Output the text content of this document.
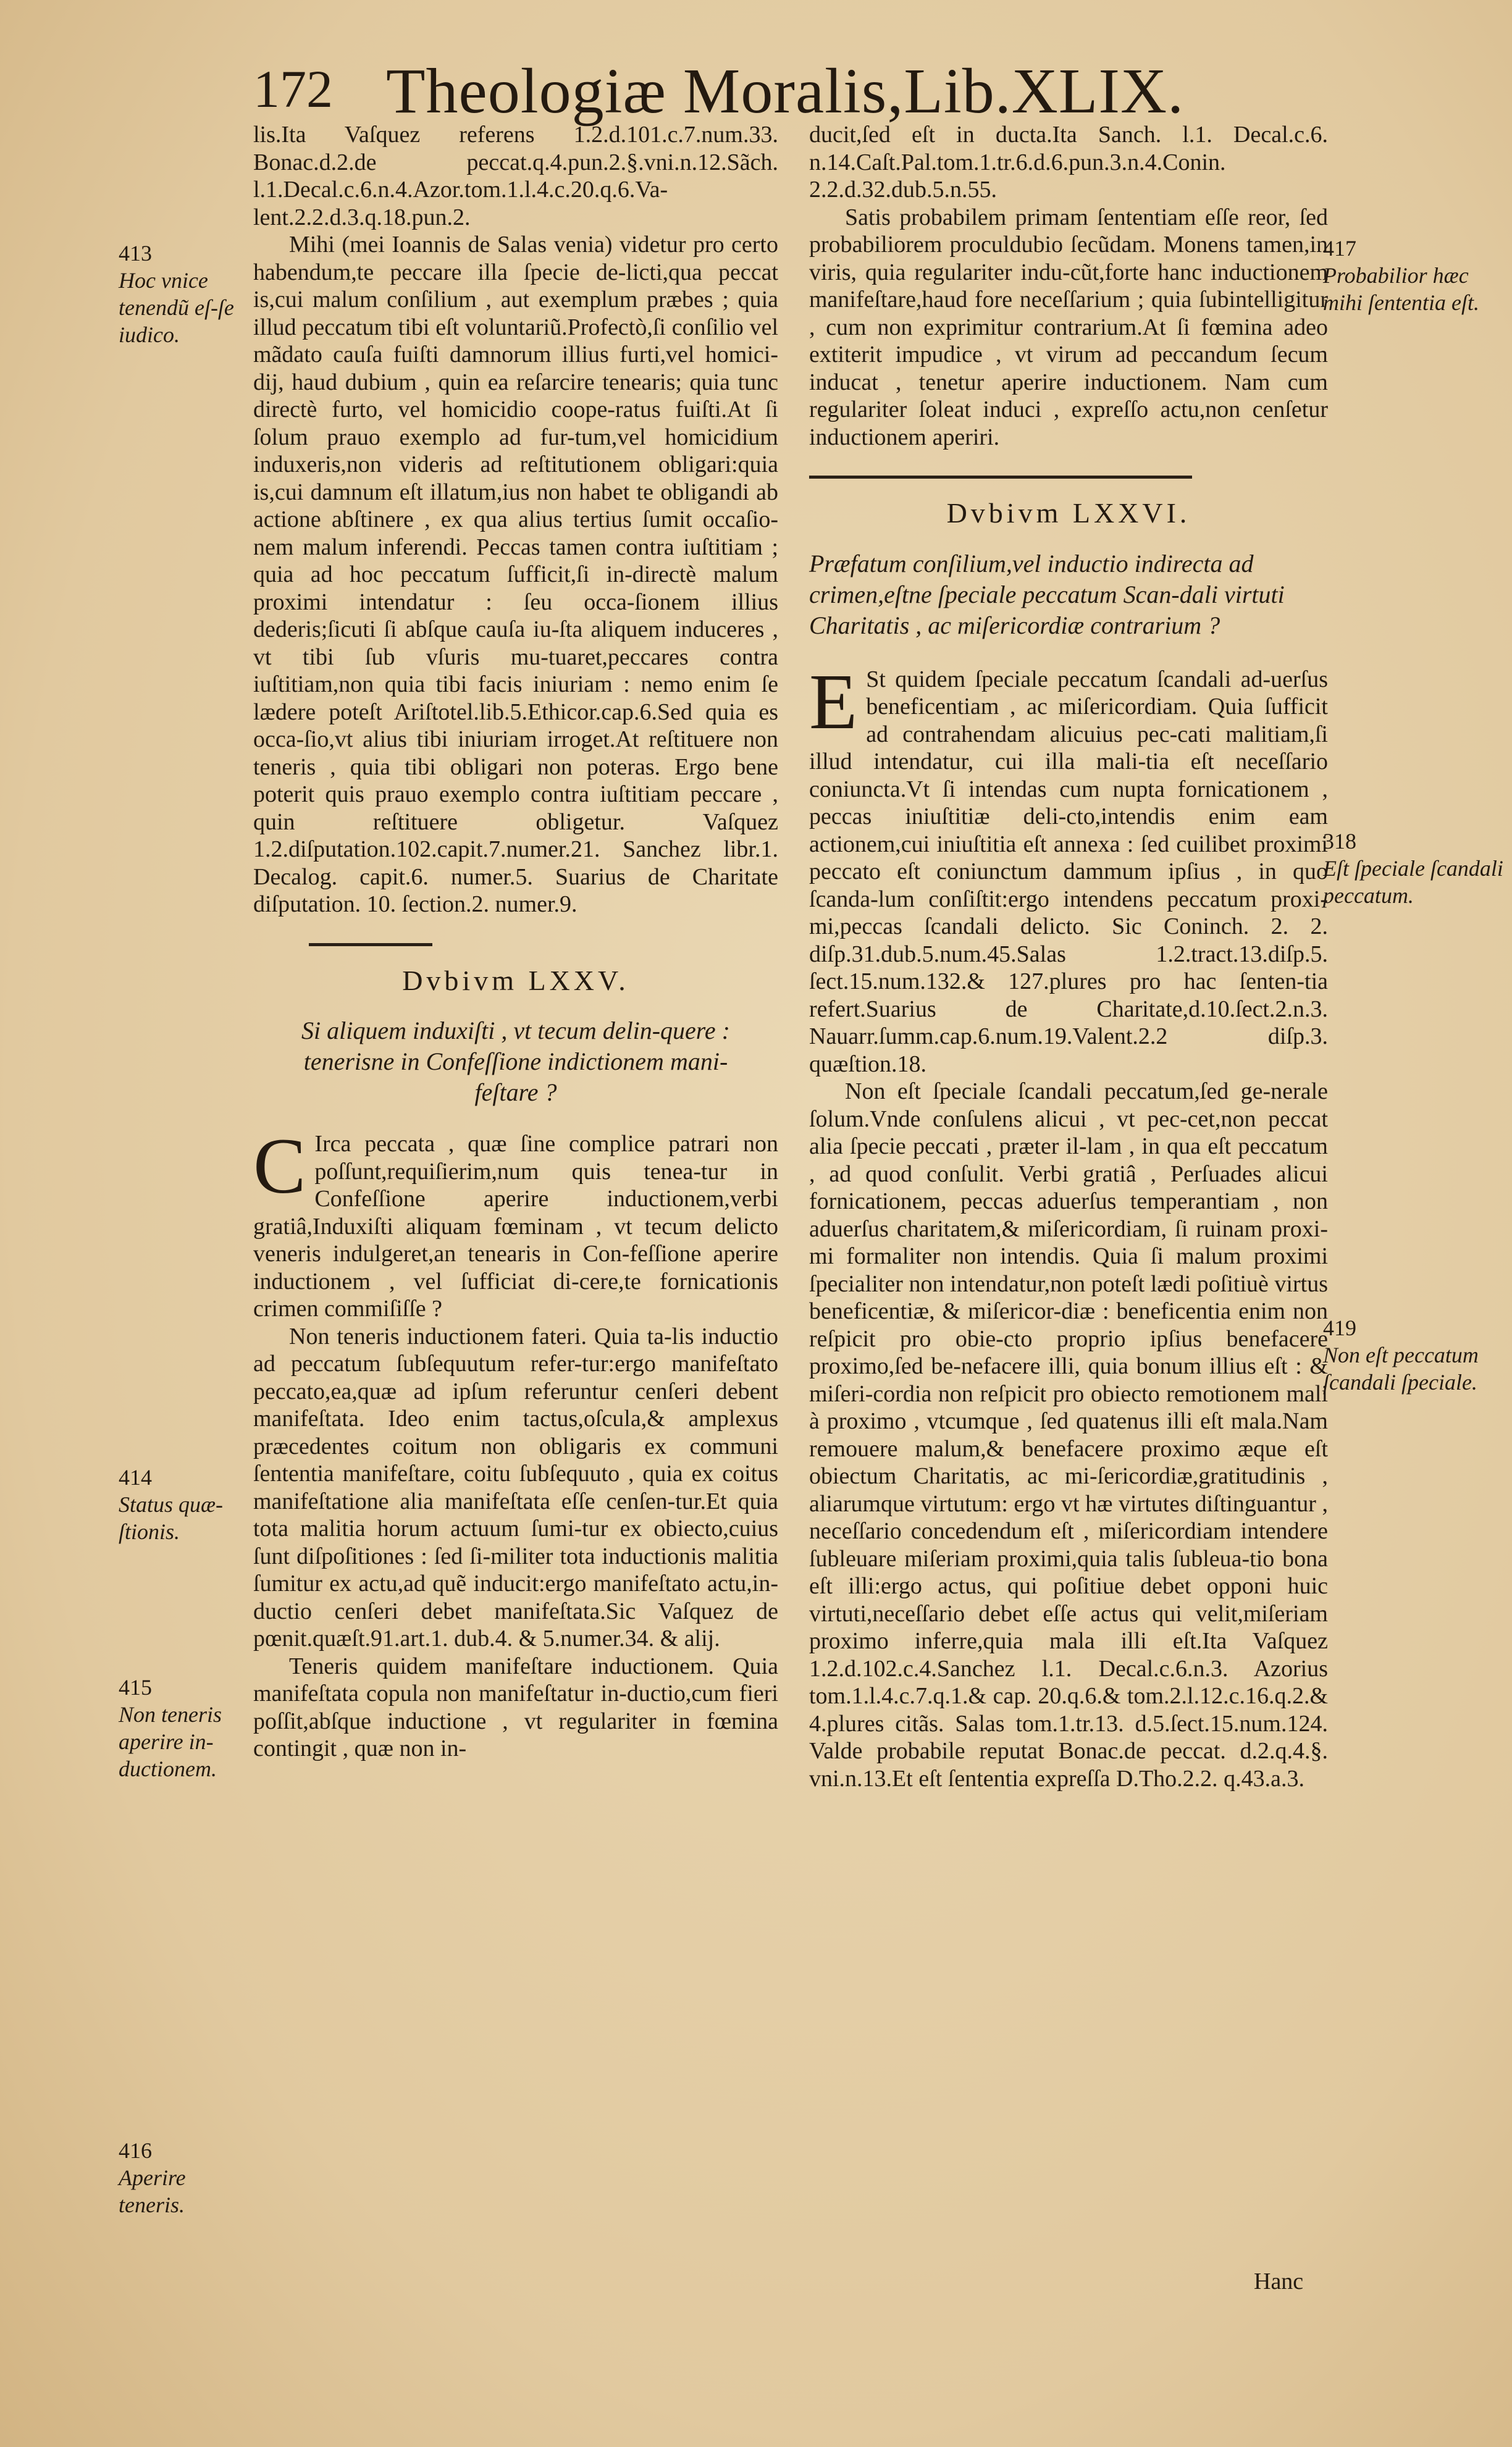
172 Theologiæ Moralis,Lib.XLIX.

lis.Ita Vaſquez referens 1.2.d.101.c.7.num.33. Bonac.d.2.de peccat.q.4.pun.2.§.vni.n.12.Sãch. l.1.Decal.c.6.n.4.Azor.tom.1.l.4.c.20.q.6.Va-lent.2.2.d.3.q.18.pun.2.

Mihi (mei Ioannis de Salas venia) videtur pro certo habendum,te peccare illa ſpecie de-licti,qua peccat is,cui malum conſilium , aut exemplum præbes ; quia illud peccatum tibi eſt voluntariũ.Profectò,ſi conſilio vel mãdato cauſa fuiſti damnorum illius furti,vel homici-dij, haud dubium , quin ea reſarcire tenearis; quia tunc directè furto, vel homicidio coope-ratus fuiſti.At ſi ſolum prauo exemplo ad fur-tum,vel homicidium induxeris,non videris ad reſtitutionem obligari:quia is,cui damnum eſt illatum,ius non habet te obligandi ab actione abſtinere , ex qua alius tertius ſumit occaſio-nem malum inferendi. Peccas tamen contra iuſtitiam ; quia ad hoc peccatum ſufficit,ſi in-directè malum proximi intendatur : ſeu occa-ſionem illius dederis;ſicuti ſi abſque cauſa iu-ſta aliquem induceres , vt tibi ſub vſuris mu-tuaret,peccares contra iuſtitiam,non quia tibi facis iniuriam : nemo enim ſe lædere poteſt Ariſtotel.lib.5.Ethicor.cap.6.Sed quia es occa-ſio,vt alius tibi iniuriam irroget.At reſtituere non teneris , quia tibi obligari non poteras. Ergo bene poterit quis prauo exemplo contra iuſtitiam peccare , quin reſtituere obligetur. Vaſquez 1.2.diſputation.102.capit.7.numer.21. Sanchez libr.1. Decalog. capit.6. numer.5. Suarius de Charitate diſputation. 10. ſection.2. numer.9.

Dvbivm LXXV.
Si aliquem induxiſti , vt tecum delin-quere : tenerisne in Confeſſione indictionem mani-feſtare ?

C Irca peccata , quæ ſine complice patrari non poſſunt,requiſierim,num quis tenea-tur in Confeſſione aperire inductionem,verbi gratiâ,Induxiſti aliquam fœminam , vt tecum delicto veneris indulgeret,an tenearis in Con-feſſione aperire inductionem , vel ſufficiat di-cere,te fornicationis crimen commiſiſſe ?

Non teneris inductionem fateri. Quia ta-lis inductio ad peccatum ſubſequutum refer-tur:ergo manifeſtato peccato,ea,quæ ad ipſum referuntur cenſeri debent manifeſtata. Ideo enim tactus,oſcula,& amplexus præcedentes coitum non obligaris ex communi ſententia manifeſtare, coitu ſubſequuto , quia ex coitus manifeſtatione alia manifeſtata eſſe cenſen-tur.Et quia tota malitia horum actuum ſumi-tur ex obiecto,cuius ſunt diſpoſitiones : ſed ſi-militer tota inductionis malitia ſumitur ex actu,ad quẽ inducit:ergo manifeſtato actu,in-ductio cenſeri debet manifeſtata.Sic Vaſquez de pœnit.quæſt.91.art.1. dub.4. & 5.numer.34. & alij.

Teneris quidem manifeſtare inductionem. Quia manifeſtata copula non manifeſtatur in-ductio,cum fieri poſſit,abſque inductione , vt regulariter in fœmina contingit , quæ non in-

ducit,ſed eſt in ducta.Ita Sanch. l.1. Decal.c.6. n.14.Caſt.Pal.tom.1.tr.6.d.6.pun.3.n.4.Conin. 2.2.d.32.dub.5.n.55.

Satis probabilem primam ſententiam eſſe reor, ſed probabiliorem proculdubio ſecũdam. Monens tamen,in viris, quia regulariter indu-cũt,forte hanc inductionem manifeſtare,haud fore neceſſarium ; quia ſubintelligitur , cum non exprimitur contrarium.At ſi fœmina adeo extiterit impudice , vt virum ad peccandum ſecum inducat , tenetur aperire inductionem. Nam cum regulariter ſoleat induci , expreſſo actu,non cenſetur inductionem aperiri.

Dvbivm LXXVI.
Præfatum conſilium,vel inductio indirecta ad crimen,eſtne ſpeciale peccatum Scan-dali virtuti Charitatis , ac miſericordiæ contrarium ?

E St quidem ſpeciale peccatum ſcandali ad-uerſus beneficentiam , ac miſericordiam. Quia ſufficit ad contrahendam alicuius pec-cati malitiam,ſi illud intendatur, cui illa mali-tia eſt neceſſario coniuncta.Vt ſi intendas cum nupta fornicationem , peccas iniuſtitiæ deli-cto,intendis enim eam actionem,cui iniuſtitia eſt annexa : ſed cuilibet proximi peccato eſt coniunctum dammum ipſius , in quo ſcanda-lum conſiſtit:ergo intendens peccatum proxi-mi,peccas ſcandali delicto. Sic Coninch. 2. 2. diſp.31.dub.5.num.45.Salas 1.2.tract.13.diſp.5. ſect.15.num.132.& 127.plures pro hac ſenten-tia refert.Suarius de Charitate,d.10.ſect.2.n.3. Nauarr.ſumm.cap.6.num.19.Valent.2.2 diſp.3. quæſtion.18.

Non eſt ſpeciale ſcandali peccatum,ſed ge-nerale ſolum.Vnde conſulens alicui , vt pec-cet,non peccat alia ſpecie peccati , præter il-lam , in qua eſt peccatum , ad quod conſulit. Verbi gratiâ , Perſuades alicui fornicationem, peccas aduerſus temperantiam , non aduerſus charitatem,& miſericordiam, ſi ruinam proxi-mi formaliter non intendis. Quia ſi malum proximi ſpecialiter non intendatur,non poteſt lædi poſitiuè virtus beneficentiæ, & miſericor-diæ : beneficentia enim non reſpicit pro obie-cto proprio ipſius benefacere proximo,ſed be-nefacere illi, quia bonum illius eſt : & miſeri-cordia non reſpicit pro obiecto remotionem mali à proximo , vtcumque , ſed quatenus illi eſt mala.Nam remouere malum,& benefacere proximo æque eſt obiectum Charitatis, ac mi-ſericordiæ,gratitudinis , aliarumque virtutum: ergo vt hæ virtutes diſtinguantur , neceſſario concedendum eſt , miſericordiam intendere ſubleuare miſeriam proximi,quia talis ſubleua-tio bona eſt illi:ergo actus, qui poſitiue debet opponi huic virtuti,neceſſario debet eſſe actus qui velit,miſeriam proximo inferre,quia mala illi eſt.Ita Vaſquez 1.2.d.102.c.4.Sanchez l.1. Decal.c.6.n.3. Azorius tom.1.l.4.c.7.q.1.& cap. 20.q.6.& tom.2.l.12.c.16.q.2.& 4.plures citãs. Salas tom.1.tr.13. d.5.ſect.15.num.124. Valde probabile reputat Bonac.de peccat. d.2.q.4.§. vni.n.13.Et eſt ſententia expreſſa D.Tho.2.2. q.43.a.3.

413
Hoc vnice tenendũ eſ-ſe iudico.
414
Status quæ-ſtionis.
415
Non teneris aperire in-ductionem.
416
Aperire teneris.
417
Probabilior hæc mihi ſententia eſt.
318
Eſt ſpeciale ſcandali peccatum.
419
Non eſt peccatum ſcandali ſpeciale.
Hanc
